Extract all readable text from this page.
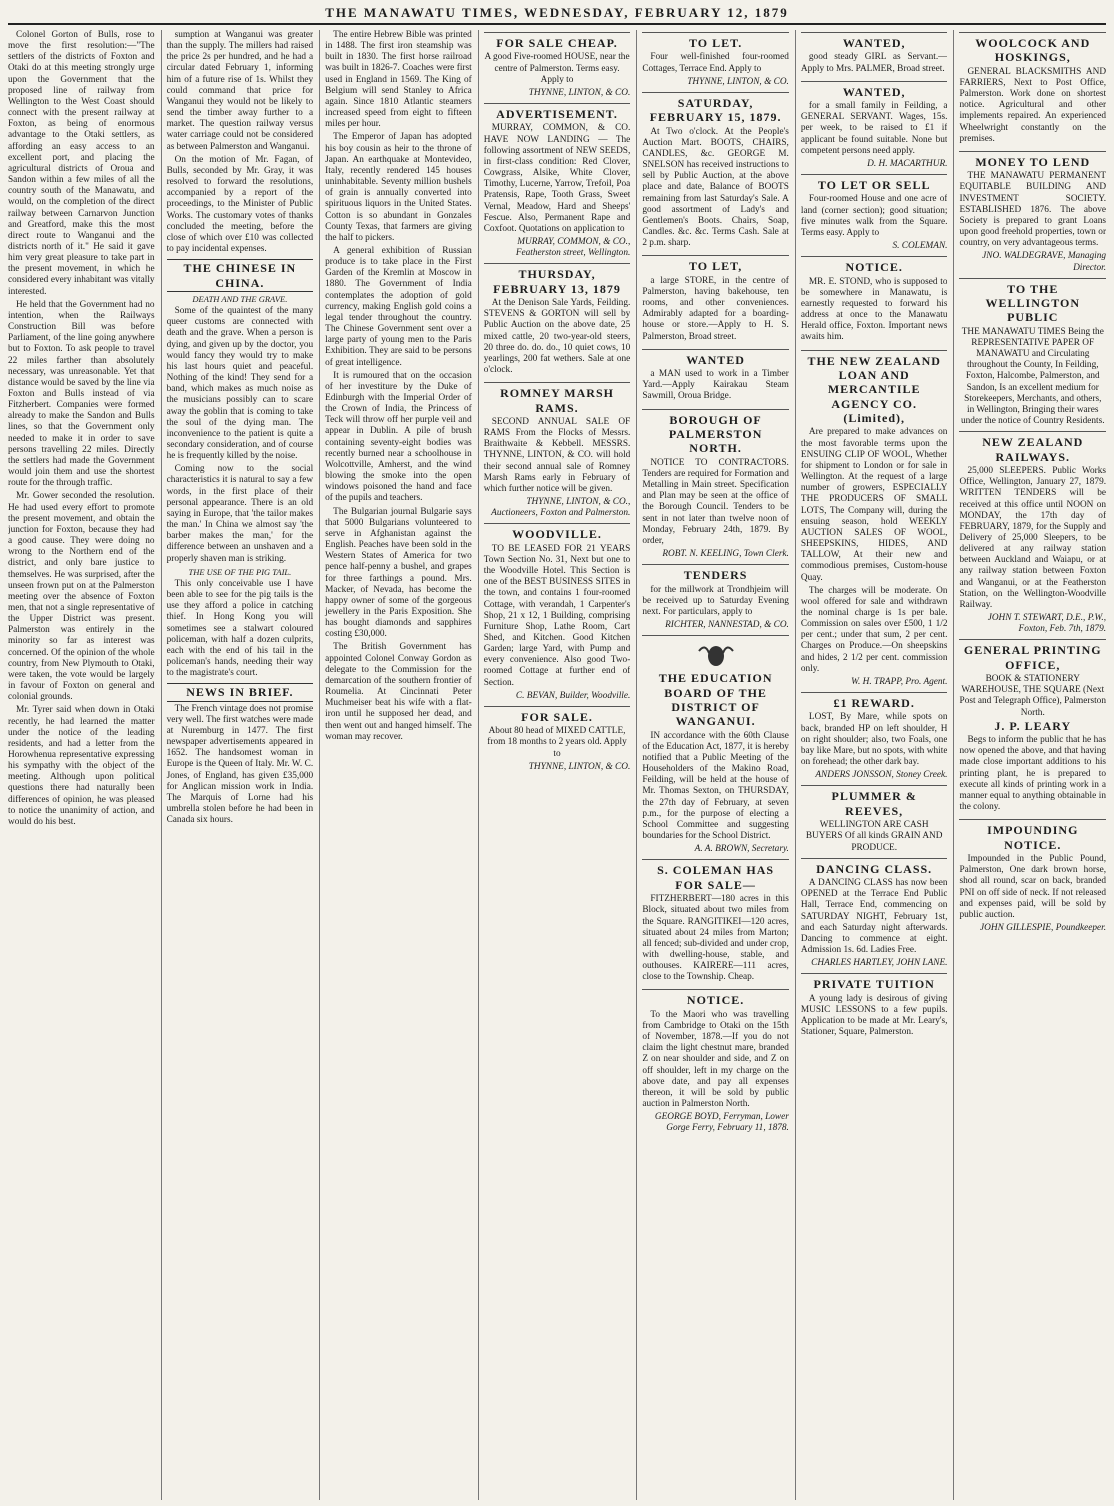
THE MANAWATU TIMES, WEDNESDAY, FEBRUARY 12, 1879

Colonel Gorton of Bulls, rose to move the first resolution:—"The settlers of the districts of Foxton and Otaki do at this meeting strongly urge upon the Government that the proposed line of railway from Wellington to the West Coast should connect with the present railway at Foxton, as being of enormous advantage to the Otaki settlers, as affording an easy access to an excellent port, and placing the agricultural districts of Oroua and Sandon within a few miles of all the country south of the Manawatu, and would, on the completion of the direct railway between Carnarvon Junction and Greatford, make this the most direct route to Wanganui and the districts north of it." He said it gave him very great pleasure to take part in the present movement, in which he considered every inhabitant was vitally interested.

He held that the Government had no intention, when the Railways Construction Bill was before Parliament, of the line going anywhere but to Foxton. To ask people to travel 22 miles farther than absolutely necessary, was unreasonable. Yet that distance would be saved by the line via Foxton and Bulls instead of via Fitzherbert. Companies were formed already to make the Sandon and Bulls lines, so that the Government only needed to make it in order to save persons travelling 22 miles. Directly the settlers had made the Government would join them and use the shortest route for the through traffic.

Mr. Gower seconded the resolution. He had used every effort to promote the present movement, and obtain the junction for Foxton, because they had a good cause. They were doing no wrong to the Northern end of the district, and only bare justice to themselves. He was surprised, after the unseen frown put on at the Palmerston meeting over the absence of Foxton men, that not a single representative of the Upper District was present. Palmerston was entirely in the minority so far as interest was concerned. Of the opinion of the whole country, from New Plymouth to Otaki, were taken, the vote would be largely in favour of Foxton on general and colonial grounds.

Mr. Tyrer said when down in Otaki recently, he had learned the matter under the notice of the leading residents, and had a letter from the Horowhenua representative expressing his sympathy with the object of the meeting. Although upon political questions there had naturally been differences of opinion, he was pleased to notice the unanimity of action, and would do his best.

sumption at Wanganui was greater than the supply. The millers had raised the price 2s per hundred, and he had a circular dated February 1, informing him of a future rise of 1s. Whilst they could command that price for Wanganui they would not be likely to send the timber away further to a market. The question railway versus water carriage could not be considered as between Palmerston and Wanganui.

On the motion of Mr. Fagan, of Bulls, seconded by Mr. Gray, it was resolved to forward the resolutions, accompanied by a report of the proceedings, to the Minister of Public Works. The customary votes of thanks concluded the meeting, before the close of which over £10 was collected to pay incidental expenses.

THE CHINESE IN CHINA.
DEATH AND THE GRAVE.

Some of the quaintest of the many queer customs are connected with death and the grave. When a person is dying, and given up by the doctor, you would fancy they would try to make his last hours quiet and peaceful. Nothing of the kind! They send for a band, which makes as much noise as the musicians possibly can to scare away the goblin that is coming to take the soul of the dying man. The inconvenience to the patient is quite a secondary consideration, and of course he is frequently killed by the noise.

Coming now to the social characteristics it is natural to say a few words, in the first place of their personal appearance. There is an old saying in Europe, that 'the tailor makes the man.' In China we almost say 'the barber makes the man,' for the difference between an unshaven and a properly shaven man is striking.

THE USE OF THE PIG TAIL.

This only conceivable use I have been able to see for the pig tails is the use they afford a police in catching thief. In Hong Kong you will sometimes see a stalwart coloured policeman, with half a dozen culprits, each with the end of his tail in the policeman's hands, needing their way to the magistrate's court.

NEWS IN BRIEF.

The French vintage does not promise very well. The first watches were made at Nuremburg in 1477. The first newspaper advertisements appeared in 1652. The handsomest woman in Europe is the Queen of Italy. Mr. W. C. Jones, of England, has given £35,000 for Anglican mission work in India. The Marquis of Lorne had his umbrella stolen before he had been in Canada six hours.

The entire Hebrew Bible was printed in 1488. The first iron steamship was built in 1830. The first horse railroad was built in 1826-7. Coaches were first used in England in 1569. The King of Belgium will send Stanley to Africa again. Since 1810 Atlantic steamers increased speed from eight to fifteen miles per hour.

The Emperor of Japan has adopted his boy cousin as heir to the throne of Japan. An earthquake at Montevideo, Italy, recently rendered 145 houses uninhabitable. Seventy million bushels of grain is annually converted into spirituous liquors in the United States. Cotton is so abundant in Gonzales County Texas, that farmers are giving the half to pickers.

A general exhibition of Russian produce is to take place in the First Garden of the Kremlin at Moscow in 1880. The Government of India contemplates the adoption of gold currency, making English gold coins a legal tender throughout the country. The Chinese Government sent over a large party of young men to the Paris Exhibition. They are said to be persons of great intelligence.

It is rumoured that on the occasion of her investiture by the Duke of Edinburgh with the Imperial Order of the Crown of India, the Princess of Teck will throw off her purple veil and appear in Dublin. A pile of brush containing seventy-eight bodies was recently burned near a schoolhouse in Wolcottville, Amherst, and the wind blowing the smoke into the open windows poisoned the hand and face of the pupils and teachers.

The Bulgarian journal Bulgarie says that 5000 Bulgarians volunteered to serve in Afghanistan against the English. Peaches have been sold in the Western States of America for two pence half-penny a bushel, and grapes for three farthings a pound. Mrs. Macker, of Nevada, has become the happy owner of some of the gorgeous jewellery in the Paris Exposition. She has bought diamonds and sapphires costing £30,000.

The British Government has appointed Colonel Conway Gordon as delegate to the Commission for the demarcation of the southern frontier of Roumelia. At Cincinnati Peter Muchmeiser beat his wife with a flat-iron until he supposed her dead, and then went out and hanged himself. The woman may recover.

FOR SALE CHEAP.

A good Five-roomed HOUSE, near the centre of Palmerston. Terms easy. Apply to

THYNNE, LINTON, & CO.
ADVERTISEMENT.

MURRAY, COMMON, & CO. HAVE NOW LANDING — The following assortment of NEW SEEDS, in first-class condition: Red Clover, Cowgrass, Alsike, White Clover, Timothy, Lucerne, Yarrow, Trefoil, Poa Pratensis, Rape, Tooth Grass, Sweet Vernal, Meadow, Hard and Sheeps' Fescue. Also, Permanent Rape and Coxfoot. Quotations on application to

MURRAY, COMMON, & CO., Featherston street, Wellington.
THURSDAY, FEBRUARY 13, 1879

At the Denison Sale Yards, Feilding. STEVENS & GORTON will sell by Public Auction on the above date, 25 mixed cattle, 20 two-year-old steers, 20 three do. do. do., 10 quiet cows, 10 yearlings, 200 fat wethers. Sale at one o'clock.

ROMNEY MARSH RAMS.

SECOND ANNUAL SALE OF RAMS From the Flocks of Messrs. Braithwaite & Kebbell. MESSRS. THYNNE, LINTON, & CO. will hold their second annual sale of Romney Marsh Rams early in February of which further notice will be given.

THYNNE, LINTON, & CO., Auctioneers, Foxton and Palmerston.
WOODVILLE.

TO BE LEASED FOR 21 YEARS Town Section No. 31, Next but one to the Woodville Hotel. This Section is one of the BEST BUSINESS SITES in the town, and contains 1 four-roomed Cottage, with verandah, 1 Carpenter's Shop, 21 x 12, 1 Building, comprising Furniture Shop, Lathe Room, Cart Shed, and Kitchen. Good Kitchen Garden; large Yard, with Pump and every convenience. Also good Two-roomed Cottage at further end of Section.

C. BEVAN, Builder, Woodville.
FOR SALE.

About 80 head of MIXED CATTLE, from 18 months to 2 years old. Apply to

THYNNE, LINTON, & CO.
TO LET.

Four well-finished four-roomed Cottages, Terrace End. Apply to

THYNNE, LINTON, & CO.
SATURDAY, FEBRUARY 15, 1879.

At Two o'clock. At the People's Auction Mart. BOOTS, CHAIRS, CANDLES, &c. GEORGE M. SNELSON has received instructions to sell by Public Auction, at the above place and date, Balance of BOOTS remaining from last Saturday's Sale. A good assortment of Lady's and Gentlemen's Boots. Chairs, Soap, Candles. &c. &c. Terms Cash. Sale at 2 p.m. sharp.

TO LET,

a large STORE, in the centre of Palmerston, having bakehouse, ten rooms, and other conveniences. Admirably adapted for a boarding-house or store.—Apply to H. S. Palmerston, Broad street.

WANTED

a MAN used to work in a Timber Yard.—Apply Kairakau Steam Sawmill, Oroua Bridge.

BOROUGH OF PALMERSTON NORTH.

NOTICE TO CONTRACTORS. Tenders are required for Formation and Metalling in Main street. Specification and Plan may be seen at the office of the Borough Council. Tenders to be sent in not later than twelve noon of Monday, February 24th, 1879. By order,

ROBT. N. KEELING, Town Clerk.
TENDERS

for the millwork at Trondhjeim will be received up to Saturday Evening next. For particulars, apply to

RICHTER, NANNESTAD, & CO.
THE EDUCATION BOARD OF THE DISTRICT OF WANGANUI.

IN accordance with the 60th Clause of the Education Act, 1877, it is hereby notified that a Public Meeting of the Householders of the Makino Road, Feilding, will be held at the house of Mr. Thomas Sexton, on THURSDAY, the 27th day of February, at seven p.m., for the purpose of electing a School Committee and suggesting boundaries for the School District.

A. A. BROWN, Secretary.
S. COLEMAN HAS FOR SALE—

FITZHERBERT—180 acres in this Block, situated about two miles from the Square. RANGITIKEI—120 acres, situated about 24 miles from Marton; all fenced; sub-divided and under crop, with dwelling-house, stable, and outhouses. KAIRERE—111 acres, close to the Township. Cheap.

NOTICE.

To the Maori who was travelling from Cambridge to Otaki on the 15th of November, 1878.—If you do not claim the light chestnut mare, branded Z on near shoulder and side, and Z on off shoulder, left in my charge on the above date, and pay all expenses thereon, it will be sold by public auction in Palmerston North.

GEORGE BOYD, Ferryman, Lower Gorge Ferry, February 11, 1878.
WANTED,

good steady GIRL as Servant.—Apply to Mrs. PALMER, Broad street.

WANTED,

for a small family in Feilding, a GENERAL SERVANT. Wages, 15s. per week, to be raised to £1 if applicant be found suitable. None but competent persons need apply.

D. H. MACARTHUR.
TO LET OR SELL

Four-roomed House and one acre of land (corner section); good situation; five minutes walk from the Square. Terms easy. Apply to

S. COLEMAN.
NOTICE.

MR. E. STOND, who is supposed to be somewhere in Manawatu, is earnestly requested to forward his address at once to the Manawatu Herald office, Foxton. Important news awaits him.

THE NEW ZEALAND LOAN AND MERCANTILE AGENCY CO. (Limited),

Are prepared to make advances on the most favorable terms upon the ENSUING CLIP OF WOOL, Whether for shipment to London or for sale in Wellington. At the request of a large number of growers, ESPECIALLY THE PRODUCERS OF SMALL LOTS, The Company will, during the ensuing season, hold WEEKLY AUCTION SALES OF WOOL, SHEEPSKINS, HIDES, AND TALLOW, At their new and commodious premises, Custom-house Quay.

The charges will be moderate. On wool offered for sale and withdrawn the nominal charge is 1s per bale. Commission on sales over £500, 1 1/2 per cent.; under that sum, 2 per cent. Charges on Produce.—On sheepskins and hides, 2 1/2 per cent. commission only.

W. H. TRAPP, Pro. Agent.
£1 REWARD.

LOST, By Mare, while spots on back, branded HP on left shoulder, H on right shoulder; also, two Foals, one bay like Mare, but no spots, with white on forehead; the other dark bay.

ANDERS JONSSON, Stoney Creek.
PLUMMER & REEVES,

WELLINGTON ARE CASH BUYERS Of all kinds GRAIN AND PRODUCE.

DANCING CLASS.

A DANCING CLASS has now been OPENED at the Terrace End Public Hall, Terrace End, commencing on SATURDAY NIGHT, February 1st, and each Saturday night afterwards. Dancing to commence at eight. Admission 1s. 6d. Ladies Free.

CHARLES HARTLEY, JOHN LANE.
PRIVATE TUITION

A young lady is desirous of giving MUSIC LESSONS to a few pupils. Application to be made at Mr. Leary's, Stationer, Square, Palmerston.

WOOLCOCK AND HOSKINGS,

GENERAL BLACKSMITHS AND FARRIERS, Next to Post Office, Palmerston. Work done on shortest notice. Agricultural and other implements repaired. An experienced Wheelwright constantly on the premises.

MONEY TO LEND

THE MANAWATU PERMANENT EQUITABLE BUILDING AND INVESTMENT SOCIETY. ESTABLISHED 1876. The above Society is prepared to grant Loans upon good freehold properties, town or country, on very advantageous terms.

JNO. WALDEGRAVE, Managing Director.
TO THE WELLINGTON PUBLIC

THE MANAWATU TIMES Being the REPRESENTATIVE PAPER OF MANAWATU and Circulating throughout the County, In Feilding, Foxton, Halcombe, Palmerston, and Sandon, Is an excellent medium for Storekeepers, Merchants, and others, in Wellington, Bringing their wares under the notice of Country Residents.

NEW ZEALAND RAILWAYS.

25,000 SLEEPERS. Public Works Office, Wellington, January 27, 1879. WRITTEN TENDERS will be received at this office until NOON on MONDAY, the 17th day of FEBRUARY, 1879, for the Supply and Delivery of 25,000 Sleepers, to be delivered at any railway station between Auckland and Waiapu, or at any railway station between Foxton and Wanganui, or at the Featherston Station, on the Wellington-Woodville Railway.

JOHN T. STEWART, D.E., P.W., Foxton, Feb. 7th, 1879.
GENERAL PRINTING OFFICE,

BOOK & STATIONERY WAREHOUSE, THE SQUARE (Next Post and Telegraph Office), Palmerston North.

J. P. LEARY

Begs to inform the public that he has now opened the above, and that having made close important additions to his printing plant, he is prepared to execute all kinds of printing work in a manner equal to anything obtainable in the colony.

IMPOUNDING NOTICE.

Impounded in the Public Pound, Palmerston, One dark brown horse, shod all round, scar on back, branded PNI on off side of neck. If not released and expenses paid, will be sold by public auction.

JOHN GILLESPIE, Poundkeeper.
